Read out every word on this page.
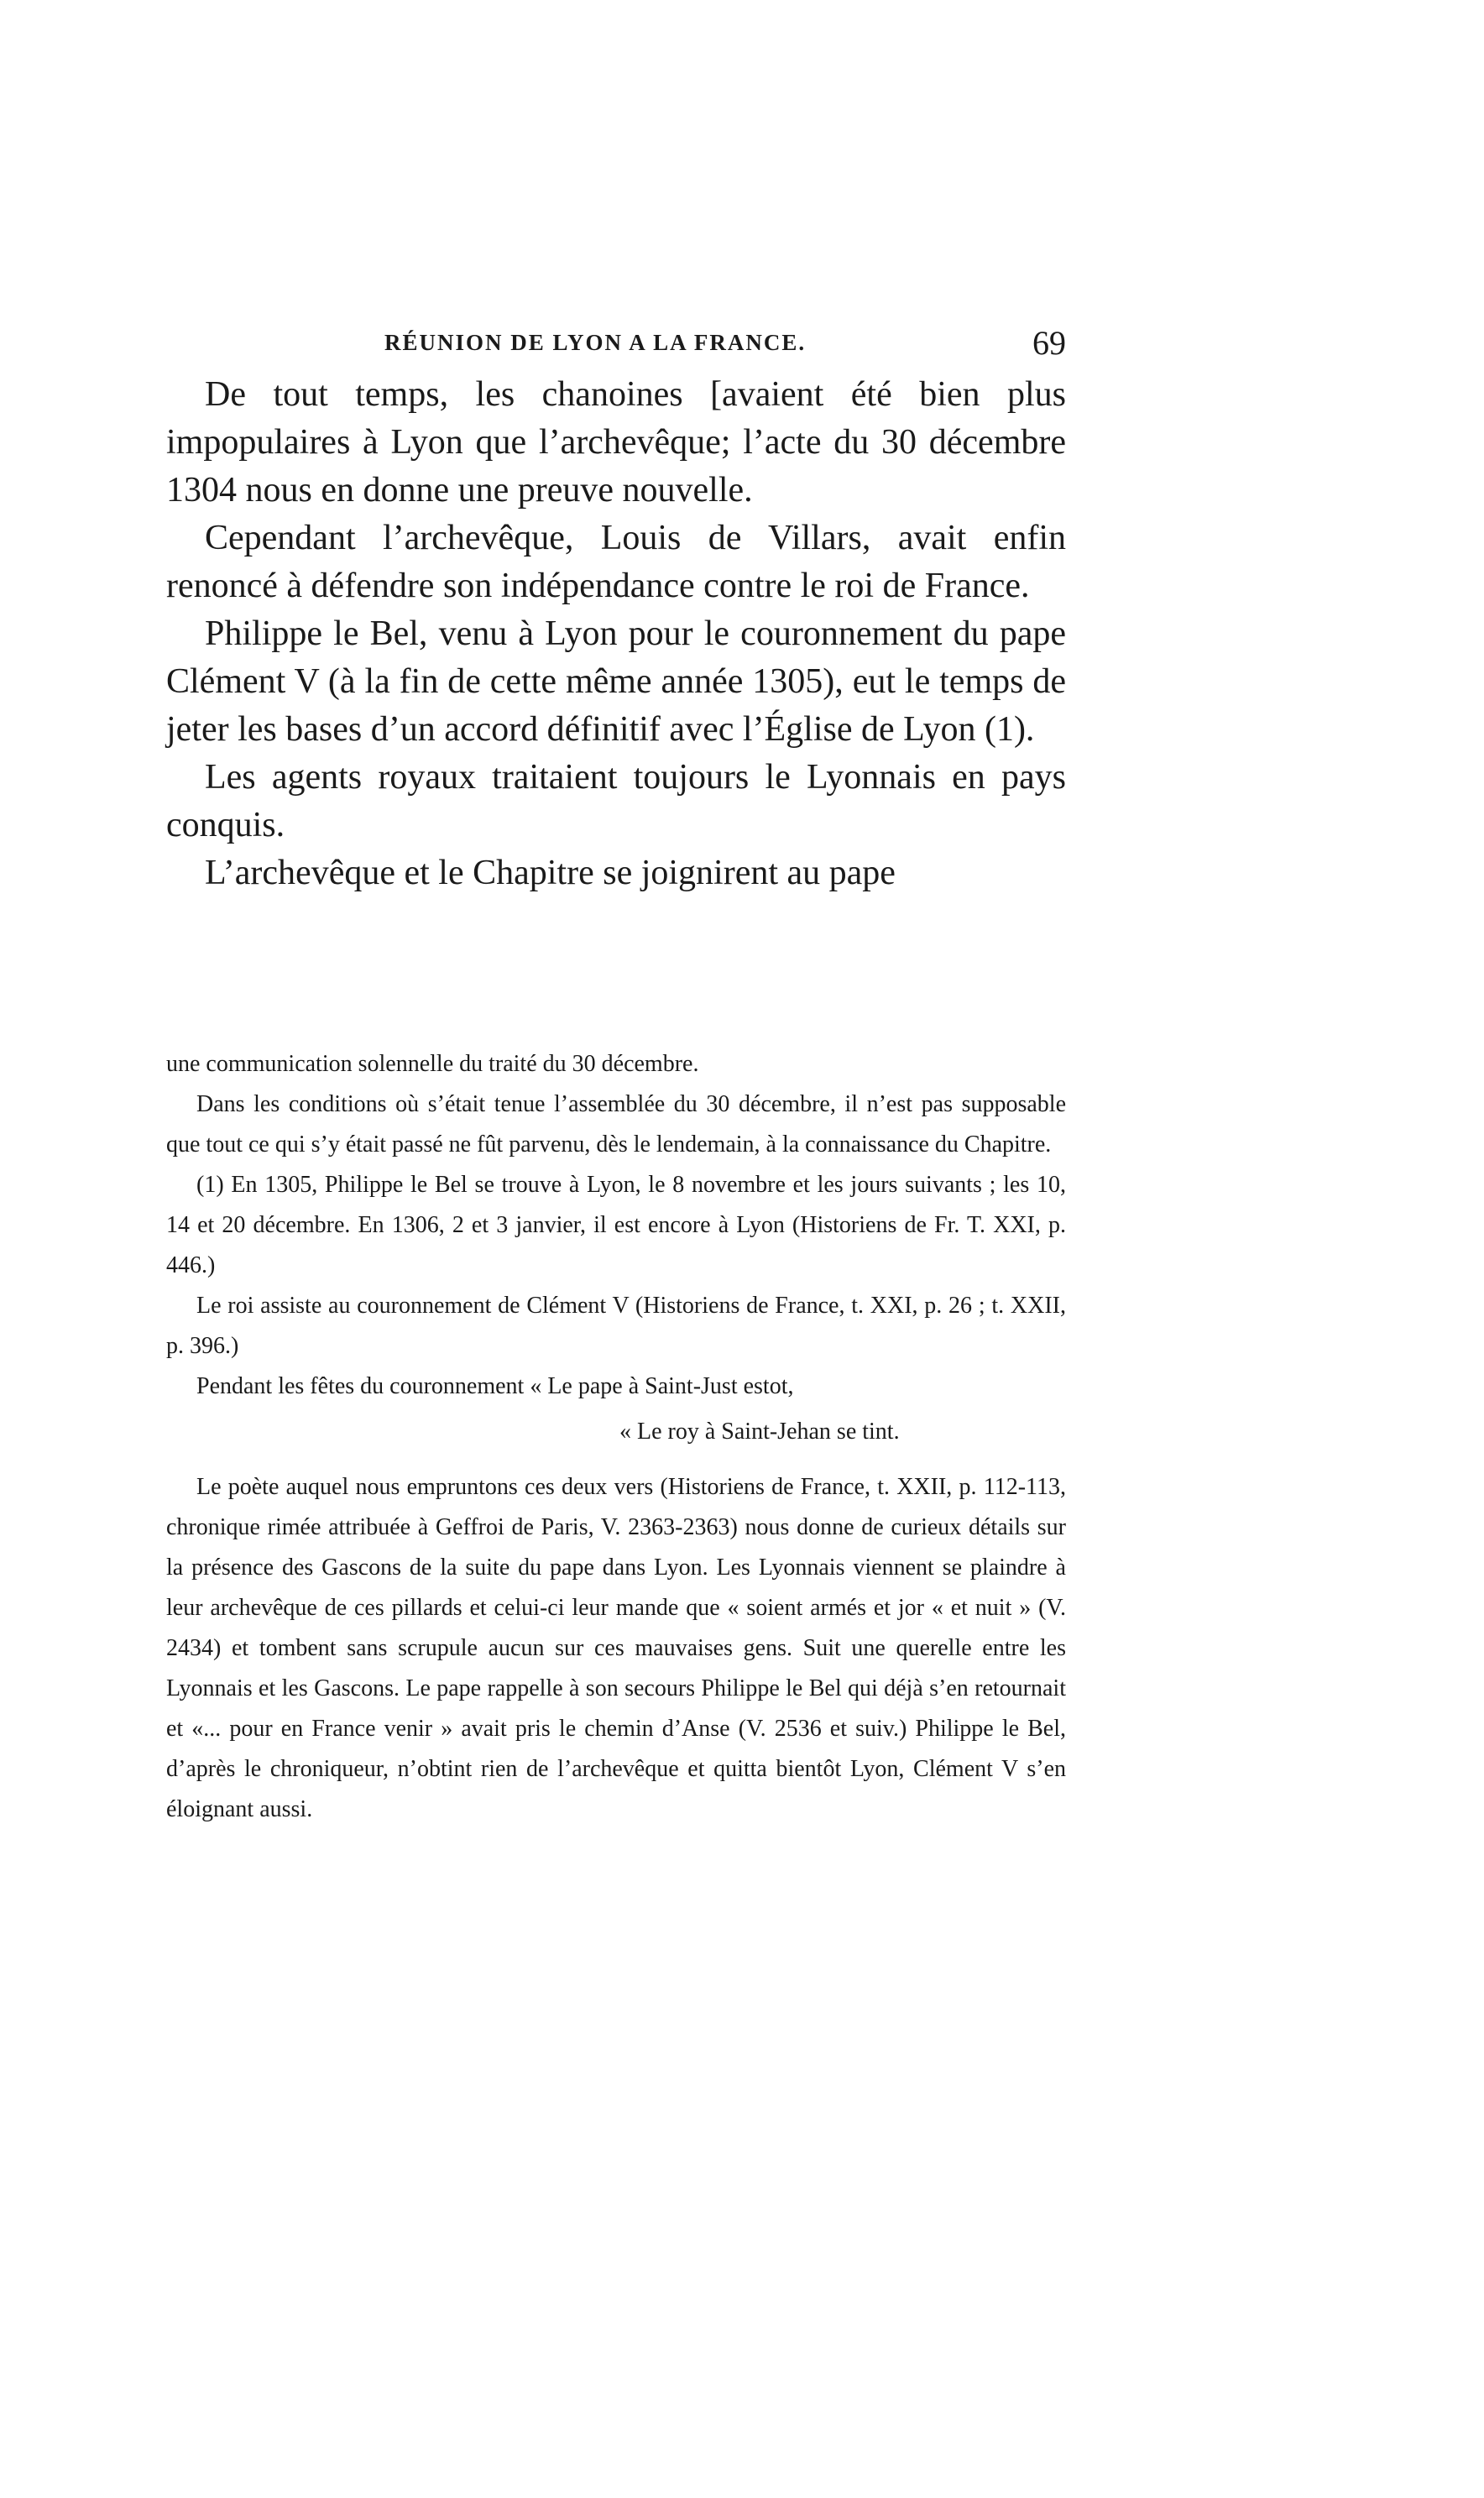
RÉUNION DE LYON A LA FRANCE.	69

De tout temps, les chanoines [avaient été bien plus impopulaires à Lyon que l’archevêque; l’acte du 30 décembre 1304 nous en donne une preuve nouvelle.

Cependant l’archevêque, Louis de Villars, avait enfin renoncé à défendre son indépendance contre le roi de France.

Philippe le Bel, venu à Lyon pour le couronnement du pape Clément V (à la fin de cette même année 1305), eut le temps de jeter les bases d’un accord définitif avec l’Église de Lyon (1).

Les agents royaux traitaient toujours le Lyonnais en pays conquis.

L’archevêque et le Chapitre se joignirent au pape

une communication solennelle du traité du 30 décembre.

Dans les conditions où s’était tenue l’assemblée du 30 décembre, il n’est pas supposable que tout ce qui s’y était passé ne fût parvenu, dès le lendemain, à la connaissance du Chapitre.

(1) En 1305, Philippe le Bel se trouve à Lyon, le 8 novembre et les jours suivants ; les 10, 14 et 20 décembre. En 1306, 2 et 3 janvier, il est encore à Lyon (Historiens de Fr. T. XXI, p. 446.)

Le roi assiste au couronnement de Clément V (Historiens de France, t. XXI, p. 26 ; t. XXII, p. 396.)

Pendant les fêtes du couronnement « Le pape à Saint-Just estot,

« Le roy à Saint-Jehan se tint.

Le poète auquel nous empruntons ces deux vers (Historiens de France, t. XXII, p. 112-113, chronique rimée attribuée à Geffroi de Paris, V. 2363-2363) nous donne de curieux détails sur la présence des Gascons de la suite du pape dans Lyon. Les Lyonnais viennent se plaindre à leur archevêque de ces pillards et celui-ci leur mande que « soient armés et jor « et nuit » (V. 2434) et tombent sans scrupule aucun sur ces mauvaises gens. Suit une querelle entre les Lyonnais et les Gascons. Le pape rappelle à son secours Philippe le Bel qui déjà s’en retournait et «... pour en France venir » avait pris le chemin d’Anse (V. 2536 et suiv.) Philippe le Bel, d’après le chroniqueur, n’obtint rien de l’archevêque et quitta bientôt Lyon, Clément V s’en éloignant aussi.
